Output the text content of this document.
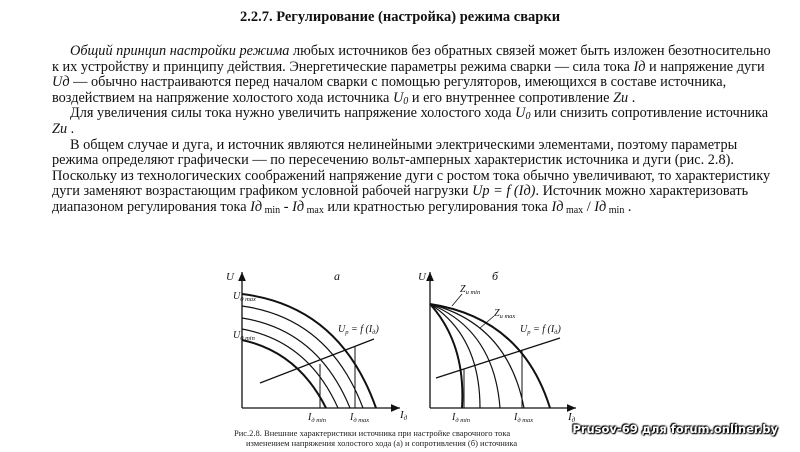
2.2.7. Регулирование (настройка) режима сварки

Общий принцип настройки режима любых источников без обратных связей может быть изложен безотносительно к их устройству и принципу действия. Энергетические параметры режима сварки — сила тока Iд и напряжение дуги Uд — обычно настраиваются перед началом сварки с помощью регуляторов, имеющихся в составе источника, воздействием на напряжение холостого хода источника $U_0$ и его внутреннее сопротивление Zи .

Для увеличения силы тока нужно увеличить напряжение холостого хода $U_0$ или снизить сопротивление источника Zи .

В общем случае и дуга, и источник являются нелинейными электрическими элементами, поэтому параметры режима определяют графически — по пересечению вольт-амперных характеристик источника и дуги (рис. 2.8). Поскольку из технологических соображений напряжение дуги с ростом тока обычно увеличивают, то характеристику дуги заменяют возрастающим графиком условной рабочей нагрузки Uр = f (Iд). Источник можно характеризовать диапазоном регулирования тока Iд $_{min}$ - Iд $_{max}$ или кратностью регулирования тока Iд $_{max}$ / Iд $_{min}$ .

а
U
Iд
$U_{0 max}$
$U_{0 min}$
$U_р = f$ $(I_д)$
$I_{д min}$ $I_{д max}$
б
U
Iд
$Z_{и min}$
$Z_{и max}$
$U_р = f$ $(I_д)$
$I_{д min}$	$I_{д max}$
Рис.2.8. Внешние характеристики источника при настройке сварочного тока
изменением напряжения холостого хода (а) и сопротивления (б) источника
Prusov-69 для forum.onliner.by
